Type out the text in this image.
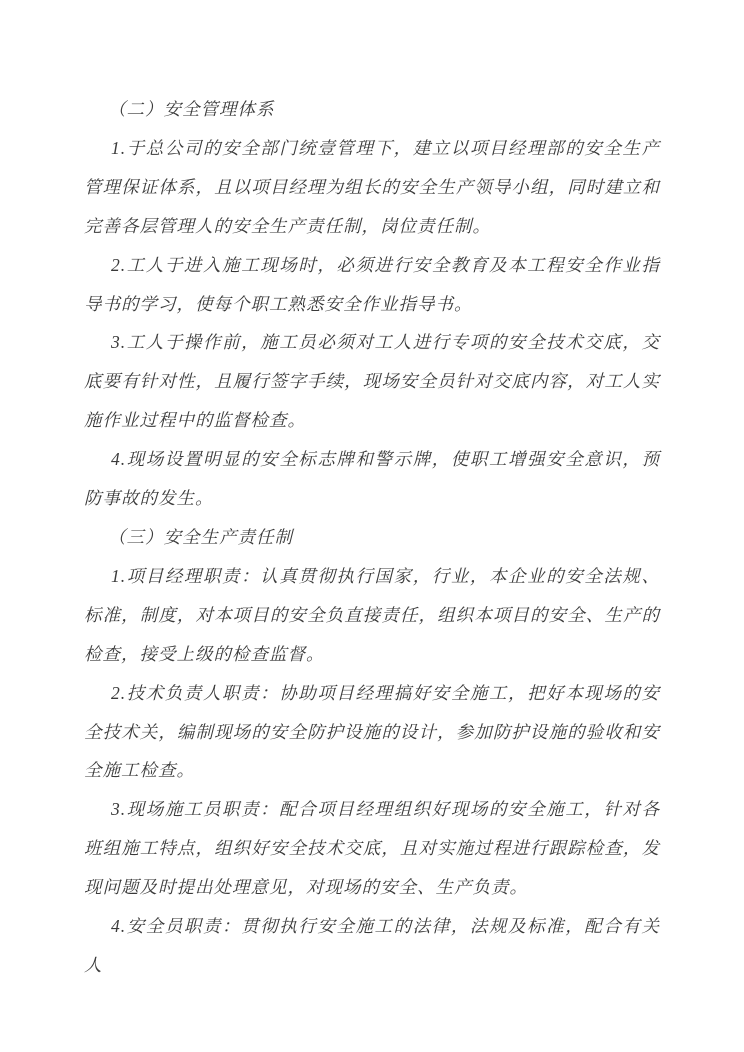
（二）安全管理体系

1.于总公司的安全部门统壹管理下，建立以项目经理部的安全生产管理保证体系，且以项目经理为组长的安全生产领导小组，同时建立和完善各层管理人的安全生产责任制，岗位责任制。

2.工人于进入施工现场时，必须进行安全教育及本工程安全作业指导书的学习，使每个职工熟悉安全作业指导书。

3.工人于操作前，施工员必须对工人进行专项的安全技术交底，交底要有针对性，且履行签字手续，现场安全员针对交底内容，对工人实施作业过程中的监督检查。

4.现场设置明显的安全标志牌和警示牌，使职工增强安全意识，预防事故的发生。

（三）安全生产责任制

1.项目经理职责：认真贯彻执行国家，行业，本企业的安全法规、标准，制度，对本项目的安全负直接责任，组织本项目的安全、生产的检查，接受上级的检查监督。

2.技术负责人职责：协助项目经理搞好安全施工，把好本现场的安全技术关，编制现场的安全防护设施的设计，参加防护设施的验收和安全施工检查。

3.现场施工员职责：配合项目经理组织好现场的安全施工，针对各班组施工特点，组织好安全技术交底，且对实施过程进行跟踪检查，发现问题及时提出处理意见，对现场的安全、生产负责。

4.安全员职责：贯彻执行安全施工的法律，法规及标准，配合有关人
